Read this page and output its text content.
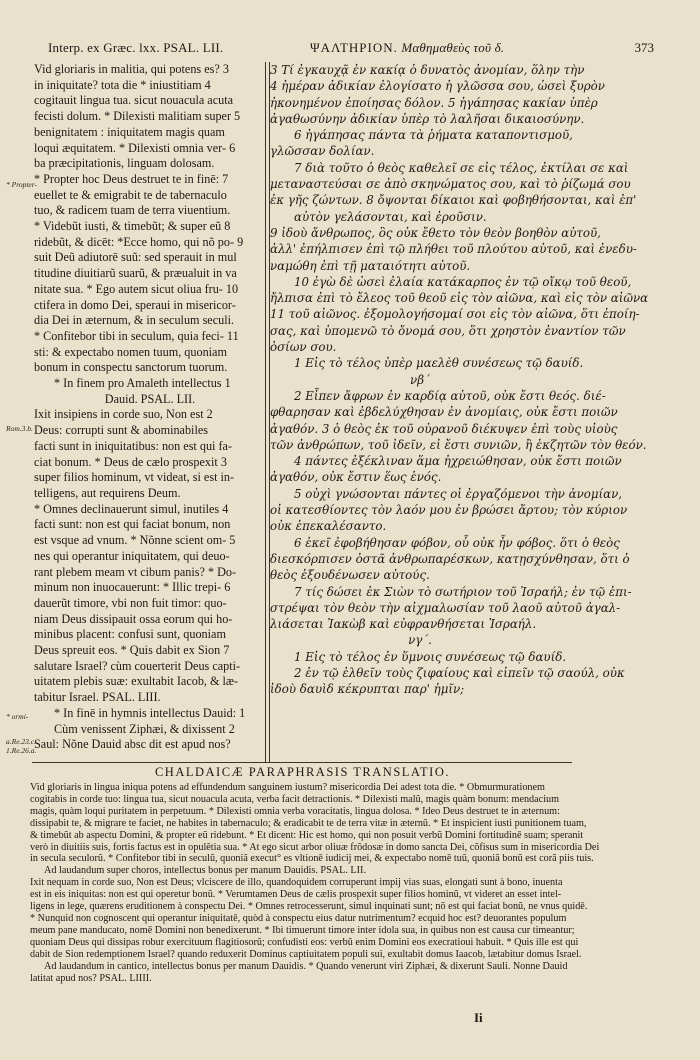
Interp. ex Græc. lxx. PSAL. LII.	ΨΑΛΤΗΡΙΟΝ. Μαθημαθεὺς τοῦ δ.	373
Vid gloriaris in malitia, qui potens es? 3
in iniquitate? tota die * iniustitiam 4
cogitauit lingua tua. sicut nouacula acuta
fecisti dolum. * Dilexisti malitiam super 5
benignitatem : iniquitatem magis quam
loqui æquitatem. * Dilexisti omnia ver- 6
ba præcipitationis, linguam dolosam.
* Propter hoc Deus destruet te in finē: 7
euellet te & emigrabit te de tabernaculo
tuo, & radicem tuam de terra viuentium.
* Videbũt iusti, & timebũt; & super eũ 8
ridebũt, & dicēt: *Ecce homo, qui nõ po- 9
suit Deũ adiutorē suũ: sed sperauit in mul
titudine diuitiarũ suarũ, & præualuit in va
nitate sua. * Ego autem sicut oliua fru- 10
ctifera in domo Dei, speraui in misericor-
dia Dei in æternum, & in seculum seculi.
* Confitebor tibi in seculum, quia feci- 11
sti: & expectabo nomen tuum, quoniam
bonum in conspectu sanctorum tuorum.
* In finem pro Amaleth intellectus 1
Dauid. PSAL. LII.
Ixit insipiens in corde suo, Non est 2
Deus: corrupti sunt & abominabiles
facti sunt in iniquitatibus: non est qui fa-
ciat bonum. * Deus de cælo prospexit 3
super filios hominum, vt videat, si est in-
telligens, aut requirens Deum.
* Omnes declinauerunt simul, inutiles 4
facti sunt: non est qui faciat bonum, non
est vsque ad vnum. * Nõnne scient om- 5
nes qui operantur iniquitatem, qui deuo-
rant plebem meam vt cibum panis? * Do-
minum non inuocauerunt: * Illic trepi- 6
dauerũt timore, vbi non fuit timor: quo-
niam Deus dissipauit ossa eorum qui ho-
minibus placent: confusi sunt, quoniam
Deus spreuit eos. * Quis dabit ex Sion 7
salutare Israel? cùm couerterit Deus capti-
uitatem plebis suæ: exultabit Iacob, & læ-
tabitur Israel. PSAL. LIII.
* In finē in hymnis intellectus Dauid: 1
Cùm venissent Ziphæi, & dixissent 2
Saul: Nõne Dauid absc dit est apud nos?
3 Τί ἐγκαυχᾷ ἐν κακίᾳ ὁ δυνατὸς ἀνομίαν, ὅλην τὴν
4 ἡμέραν ἀδικίαν ἐλογίσατο ἡ γλῶσσα σου, ὡσεὶ ξυρὸν
ἠκονημένον ἐποίησας δόλον. 5 ἠγάπησας κακίαν ὑπὲρ
ἀγαθωσύνην ἀδικίαν ὑπὲρ τὸ λαλῆσαι δικαιοσύνην.
6 ἠγάπησας πάντα τὰ ῥήματα καταποντισμοῦ,
γλῶσσαν δολίαν.
7 διὰ τοῦτο ὁ θεὸς καθελεῖ σε εἰς τέλος, ἐκτίλαι σε καὶ
μεταναστεύσαι σε ἀπὸ σκηνώματος σου, καὶ τὸ ῥίζωμά σου
ἐκ γῆς ζώντων. 8 ὄψονται δίκαιοι καὶ φοβηθήσονται, καὶ ἐπ'
αὐτὸν γελάσονται, καὶ ἐροῦσιν.
9 ἰδοὺ ἄνθρωπος, ὃς οὐκ ἔθετο τὸν θεὸν βοηθὸν αὐτοῦ,
ἀλλ' ἐπήλπισεν ἐπὶ τῷ πλήθει τοῦ πλούτου αὐτοῦ, καὶ ἐνεδυ-
ναμώθη ἐπὶ τῇ ματαιότητι αὐτοῦ.
10 ἐγὼ δὲ ὡσεὶ ἐλαία κατάκαρπος ἐν τῷ οἴκῳ τοῦ θεοῦ,
ἤλπισα ἐπὶ τὸ ἔλεος τοῦ θεοῦ εἰς τὸν αἰῶνα, καὶ εἰς τὸν αἰῶνα
11 τοῦ αἰῶνος. ἐξομολογήσομαί σοι εἰς τὸν αἰῶνα, ὅτι ἐποίη-
σας, καὶ ὑπομενῶ τὸ ὄνομά σου, ὅτι χρηστὸν ἐναντίον τῶν
ὁσίων σου.
1 Εἰς τὸ τέλος ὑπὲρ μαελὲθ συνέσεως τῷ δαυίδ.
νβ΄
2 Εἶπεν ἄφρων ἐν καρδίᾳ αὐτοῦ, οὐκ ἔστι θεός. διέ-
φθαρησαν καὶ ἐβδελύχθησαν ἐν ἀνομίαις, οὐκ ἔστι ποιῶν
ἀγαθόν. 3 ὁ θεὸς ἐκ τοῦ οὐρανοῦ διέκυψεν ἐπὶ τοὺς υἱοὺς
τῶν ἀνθρώπων, τοῦ ἰδεῖν, εἰ ἔστι συνιῶν, ἢ ἐκζητῶν τὸν θεόν.
4 πάντες ἐξέκλιναν ἅμα ἠχρειώθησαν, οὐκ ἔστι ποιῶν
ἀγαθόν, οὐκ ἔστιν ἕως ἑνός.
5 οὐχὶ γνώσονται πάντες οἱ ἐργαζόμενοι τὴν ἀνομίαν,
οἱ κατεσθίοντες τὸν λαόν μου ἐν βρώσει ἄρτου; τὸν κύριον
οὐκ ἐπεκαλέσαντο.
6 ἐκεῖ ἐφοβήθησαν φόβον, οὗ οὐκ ἦν φόβος. ὅτι ὁ θεὸς
διεσκόρπισεν ὀστᾶ ἀνθρωπαρέσκων, κατῃσχύνθησαν, ὅτι ὁ
θεὸς ἐξουδένωσεν αὐτούς.
7 τίς δώσει ἐκ Σιὼν τὸ σωτήριον τοῦ Ἰσραήλ; ἐν τῷ ἐπι-
στρέψαι τὸν θεὸν τὴν αἰχμαλωσίαν τοῦ λαοῦ αὐτοῦ ἀγαλ-
λιάσεται Ἰακὼβ καὶ εὐφρανθήσεται Ἰσραήλ.
νγ΄.
1 Εἰς τὸ τέλος ἐν ὕμνοις συνέσεως τῷ δαυίδ.
2 ἐν τῷ ἐλθεῖν τοὺς ζιφαίους καὶ εἰπεῖν τῷ σαούλ, οὐκ
ἰδοὺ δαυὶδ κέκρυπται παρ' ἡμῖν;
* Propter-
Rom.3.b.
* ormi-
a.Re.23.c.
1.Re.26.a.
CHALDAICÆ PARAPHRASIS TRANSLATIO.
Vid gloriaris in lingua iniqua potens ad effundendum sanguinem iustum? misericordia Dei adest tota die. * Obmurmurationem
cogitabis in corde tuo: lingua tua, sicut nouacula acuta, verba facit detractionis. * Dilexisti malũ, magis quàm bonum: mendacium
magis, quàm loqui puritatem in perpetuum. * Dilexisti omnia verba voracitatis, lingua dolosa. * Ideo Deus destruet te in æternum:
dissipabit te, & migrare te faciet, ne habites in tabernaculo; & eradicabit te de terra vitæ in æternũ. * Et inspicient iusti punitionem tuam,
& timebũt ab aspectu Domini, & propter eũ ridebunt. * Et dicent: Hic est homo, qui non posuit verbũ Domini fortitudinē suam; speranit
verò in diuitiis suis, fortis factus est in opulẽtia sua. * At ego sicut arbor oliuæ frõdosæ in domo sancta Dei, cõfisus sum in misericordia Dei
in secula seculorũ. * Confitebor tibi in seculũ, quoniã execut° es vltionē iudicij mei, & expectabo nomē tuũ, quoniã bonũ est corã piis tuis.
Ad laudandum super choros, intellectus bonus per manum Dauidis. PSAL. LII.
Ixit nequam in corde suo, Non est Deus; vlciscere de illo, quandoquidem corruperunt impij vias suas, elongati sunt à bono, inuenta
est in eis iniquitas: non est qui operetur bonũ. * Verumtamen Deus de cælis prospexit super filios hominũ, vt videret an esset intel-
ligens in lege, quærens eruditionem à conspectu Dei. * Omnes retrocesserunt, simul inquinati sunt; nõ est qui faciat bonũ, ne vnus quidē.
* Nunquid non cognoscent qui operantur iniquitatē, quòd à conspectu eius datur nutrimentum? ecquid hoc est? deuorantes populum
meum pane manducato, nomē Domini non benedixerunt. * Ibi timuerunt timore inter idola sua, in quibus non est causa cur timeantur;
quoniam Deus qui dissipas robur exercituum flagitiosorũ; confudisti eos: verbũ enim Domini eos execratioui habuit. * Quis ille est qui
dabit de Sion redemptionem Israel? quando reduxerit Dominus captiuitatem populi sui, exultabit domus Iaacob, lætabitur domus Israel.
Ad laudandum in cantico, intellectus bonus per manum Dauidis. * Quando venerunt viri Ziphæi, & dixerunt Sauli. Nonne Dauid
latitat apud nos? PSAL. LIIII.
Ii
